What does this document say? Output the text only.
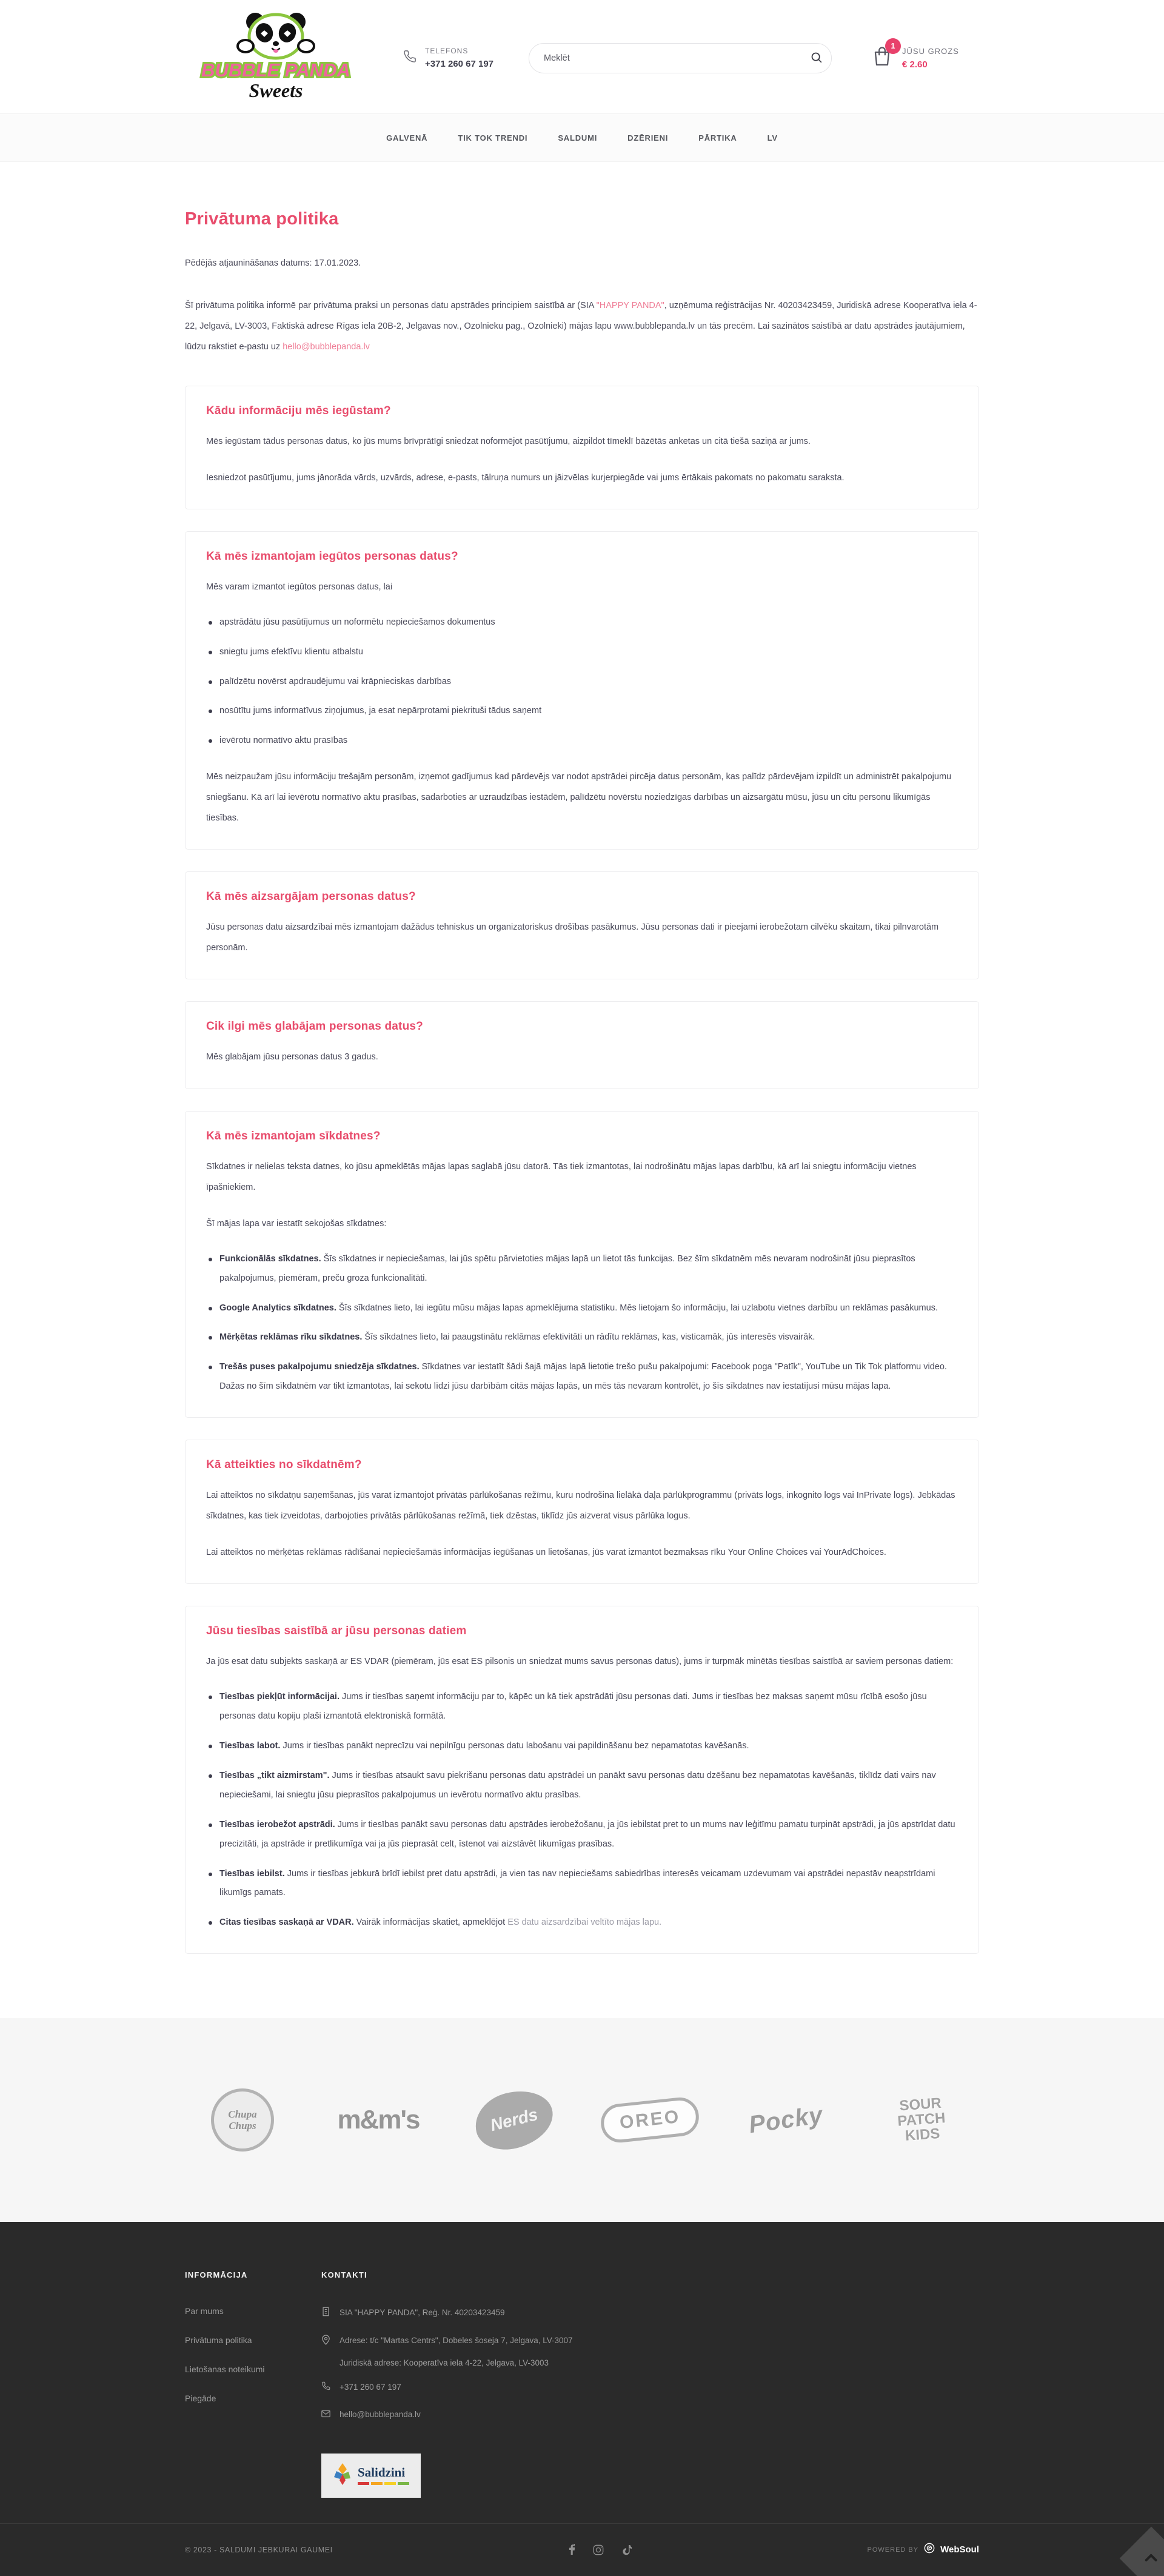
BUBBLE PANDA
Sweets
TELEFONS
+371 260 67 197
Meklēt
1
JŪSU GROZS
€ 2.60
GALVENĀ	TIK TOK TRENDI	SALDUMI	DZĒRIENI	PĀRTIKA	LV
Privātuma politika

Pēdējās atjaunināšanas datums: 17.01.2023.

Šī privātuma politika informē par privātuma praksi un personas datu apstrādes principiem saistībā ar (SIA "HAPPY PANDA", uzņēmuma reģistrācijas Nr. 40203423459, Juridiskā adrese Kooperatīva iela 4-22, Jelgavā, LV-3003, Faktiskā adrese Rīgas iela 20B-2, Jelgavas nov., Ozolnieku pag., Ozolnieki) mājas lapu www.bubblepanda.lv un tās precēm. Lai sazinātos saistībā ar datu apstrādes jautājumiem, lūdzu rakstiet e-pastu uz hello@bubblepanda.lv

Kādu informāciju mēs iegūstam?

Mēs iegūstam tādus personas datus, ko jūs mums brīvprātīgi sniedzat noformējot pasūtījumu, aizpildot tīmeklī bāzētās anketas un citā tiešā saziņā ar jums.

Iesniedzot pasūtījumu, jums jānorāda vārds, uzvārds, adrese, e-pasts, tālruņa numurs un jāizvēlas kurjerpiegāde vai jums ērtākais pakomats no pakomatu saraksta.

Kā mēs izmantojam iegūtos personas datus?

Mēs varam izmantot iegūtos personas datus, lai

apstrādātu jūsu pasūtījumus un noformētu nepieciešamos dokumentus
sniegtu jums efektīvu klientu atbalstu
palīdzētu novērst apdraudējumu vai krāpnieciskas darbības
nosūtītu jums informatīvus ziņojumus, ja esat nepārprotami piekrituši tādus saņemt
ievērotu normatīvo aktu prasības

Mēs neizpaužam jūsu informāciju trešajām personām, izņemot gadījumus kad pārdevējs var nodot apstrādei pircēja datus personām, kas palīdz pārdevējam izpildīt un administrēt pakalpojumu sniegšanu. Kā arī lai ievērotu normatīvo aktu prasības, sadarboties ar uzraudzības iestādēm, palīdzētu novērstu noziedzīgas darbības un aizsargātu mūsu, jūsu un citu personu likumīgās tiesības.

Kā mēs aizsargājam personas datus?

Jūsu personas datu aizsardzībai mēs izmantojam dažādus tehniskus un organizatoriskus drošības pasākumus. Jūsu personas dati ir pieejami ierobežotam cilvēku skaitam, tikai pilnvarotām personām.

Cik ilgi mēs glabājam personas datus?

Mēs glabājam jūsu personas datus 3 gadus.

Kā mēs izmantojam sīkdatnes?

Sīkdatnes ir nelielas teksta datnes, ko jūsu apmeklētās mājas lapas saglabā jūsu datorā. Tās tiek izmantotas, lai nodrošinātu mājas lapas darbību, kā arī lai sniegtu informāciju vietnes īpašniekiem.

Šī mājas lapa var iestatīt sekojošas sīkdatnes:

Funkcionālās sīkdatnes. Šīs sīkdatnes ir nepieciešamas, lai jūs spētu pārvietoties mājas lapā un lietot tās funkcijas. Bez šīm sīkdatnēm mēs nevaram nodrošināt jūsu pieprasītos pakalpojumus, piemēram, preču groza funkcionalitāti.
Google Analytics sīkdatnes. Šīs sīkdatnes lieto, lai iegūtu mūsu mājas lapas apmeklējuma statistiku. Mēs lietojam šo informāciju, lai uzlabotu vietnes darbību un reklāmas pasākumus.
Mērķētas reklāmas rīku sīkdatnes. Šīs sīkdatnes lieto, lai paaugstinātu reklāmas efektivitāti un rādītu reklāmas, kas, visticamāk, jūs interesēs visvairāk.
Trešās puses pakalpojumu sniedzēja sīkdatnes. Sīkdatnes var iestatīt šādi šajā mājas lapā lietotie trešo pušu pakalpojumi: Facebook poga "Patīk", YouTube un Tik Tok platformu video. Dažas no šīm sīkdatnēm var tikt izmantotas, lai sekotu līdzi jūsu darbībām citās mājas lapās, un mēs tās nevaram kontrolēt, jo šīs sīkdatnes nav iestatījusi mūsu mājas lapa.
Kā atteikties no sīkdatnēm?

Lai atteiktos no sīkdatņu saņemšanas, jūs varat izmantojot privātās pārlūkošanas režīmu, kuru nodrošina lielākā daļa pārlūkprogrammu (privāts logs, inkognito logs vai InPrivate logs). Jebkādas sīkdatnes, kas tiek izveidotas, darbojoties privātās pārlūkošanas režīmā, tiek dzēstas, tiklīdz jūs aizverat visus pārlūka logus.

Lai atteiktos no mērķētas reklāmas rādīšanai nepieciešamās informācijas iegūšanas un lietošanas, jūs varat izmantot bezmaksas rīku Your Online Choices vai YourAdChoices.

Jūsu tiesības saistībā ar jūsu personas datiem

Ja jūs esat datu subjekts saskaņā ar ES VDAR (piemēram, jūs esat ES pilsonis un sniedzat mums savus personas datus), jums ir turpmāk minētās tiesības saistībā ar saviem personas datiem:

Tiesības piekļūt informācijai. Jums ir tiesības saņemt informāciju par to, kāpēc un kā tiek apstrādāti jūsu personas dati. Jums ir tiesības bez maksas saņemt mūsu rīcībā esošo jūsu personas datu kopiju plaši izmantotā elektroniskā formātā.
Tiesības labot. Jums ir tiesības panākt neprecīzu vai nepilnīgu personas datu labošanu vai papildināšanu bez nepamatotas kavēšanās.
Tiesības „tikt aizmirstam". Jums ir tiesības atsaukt savu piekrišanu personas datu apstrādei un panākt savu personas datu dzēšanu bez nepamatotas kavēšanās, tiklīdz dati vairs nav nepieciešami, lai sniegtu jūsu pieprasītos pakalpojumus un ievērotu normatīvo aktu prasības.
Tiesības ierobežot apstrādi. Jums ir tiesības panākt savu personas datu apstrādes ierobežošanu, ja jūs iebilstat pret to un mums nav leģitīmu pamatu turpināt apstrādi, ja jūs apstrīdat datu precizitāti, ja apstrāde ir pretlikumīga vai ja jūs pieprasāt celt, īstenot vai aizstāvēt likumīgas prasības.
Tiesības iebilst. Jums ir tiesības jebkurā brīdī iebilst pret datu apstrādi, ja vien tas nav nepieciešams sabiedrības interesēs veicamam uzdevumam vai apstrādei nepastāv neapstrīdami likumīgs pamats.
Citas tiesības saskaņā ar VDAR. Vairāk informācijas skatiet, apmeklējot ES datu aizsardzībai veltīto mājas lapu.
Chupa Chups	m&m's	Nerds	OREO	Pocky	SOUR PATCH KIDS
INFORMĀCIJA
Par mums
Privātuma politika
Lietošanas noteikumi
Piegāde
KONTAKTI
SIA "HAPPY PANDA", Reģ. Nr. 40203423459
Adrese: t/c "Martas Centrs", Dobeles šoseja 7, Jelgava, LV-3007
Juridiskā adrese: Kooperatīva iela 4-22, Jelgava, LV-3003
+371 260 67 197
hello@bubblepanda.lv
Salidzini
© 2023 - SALDUMI JEBKURAI GAUMEI	POWERED BY WebSoul
